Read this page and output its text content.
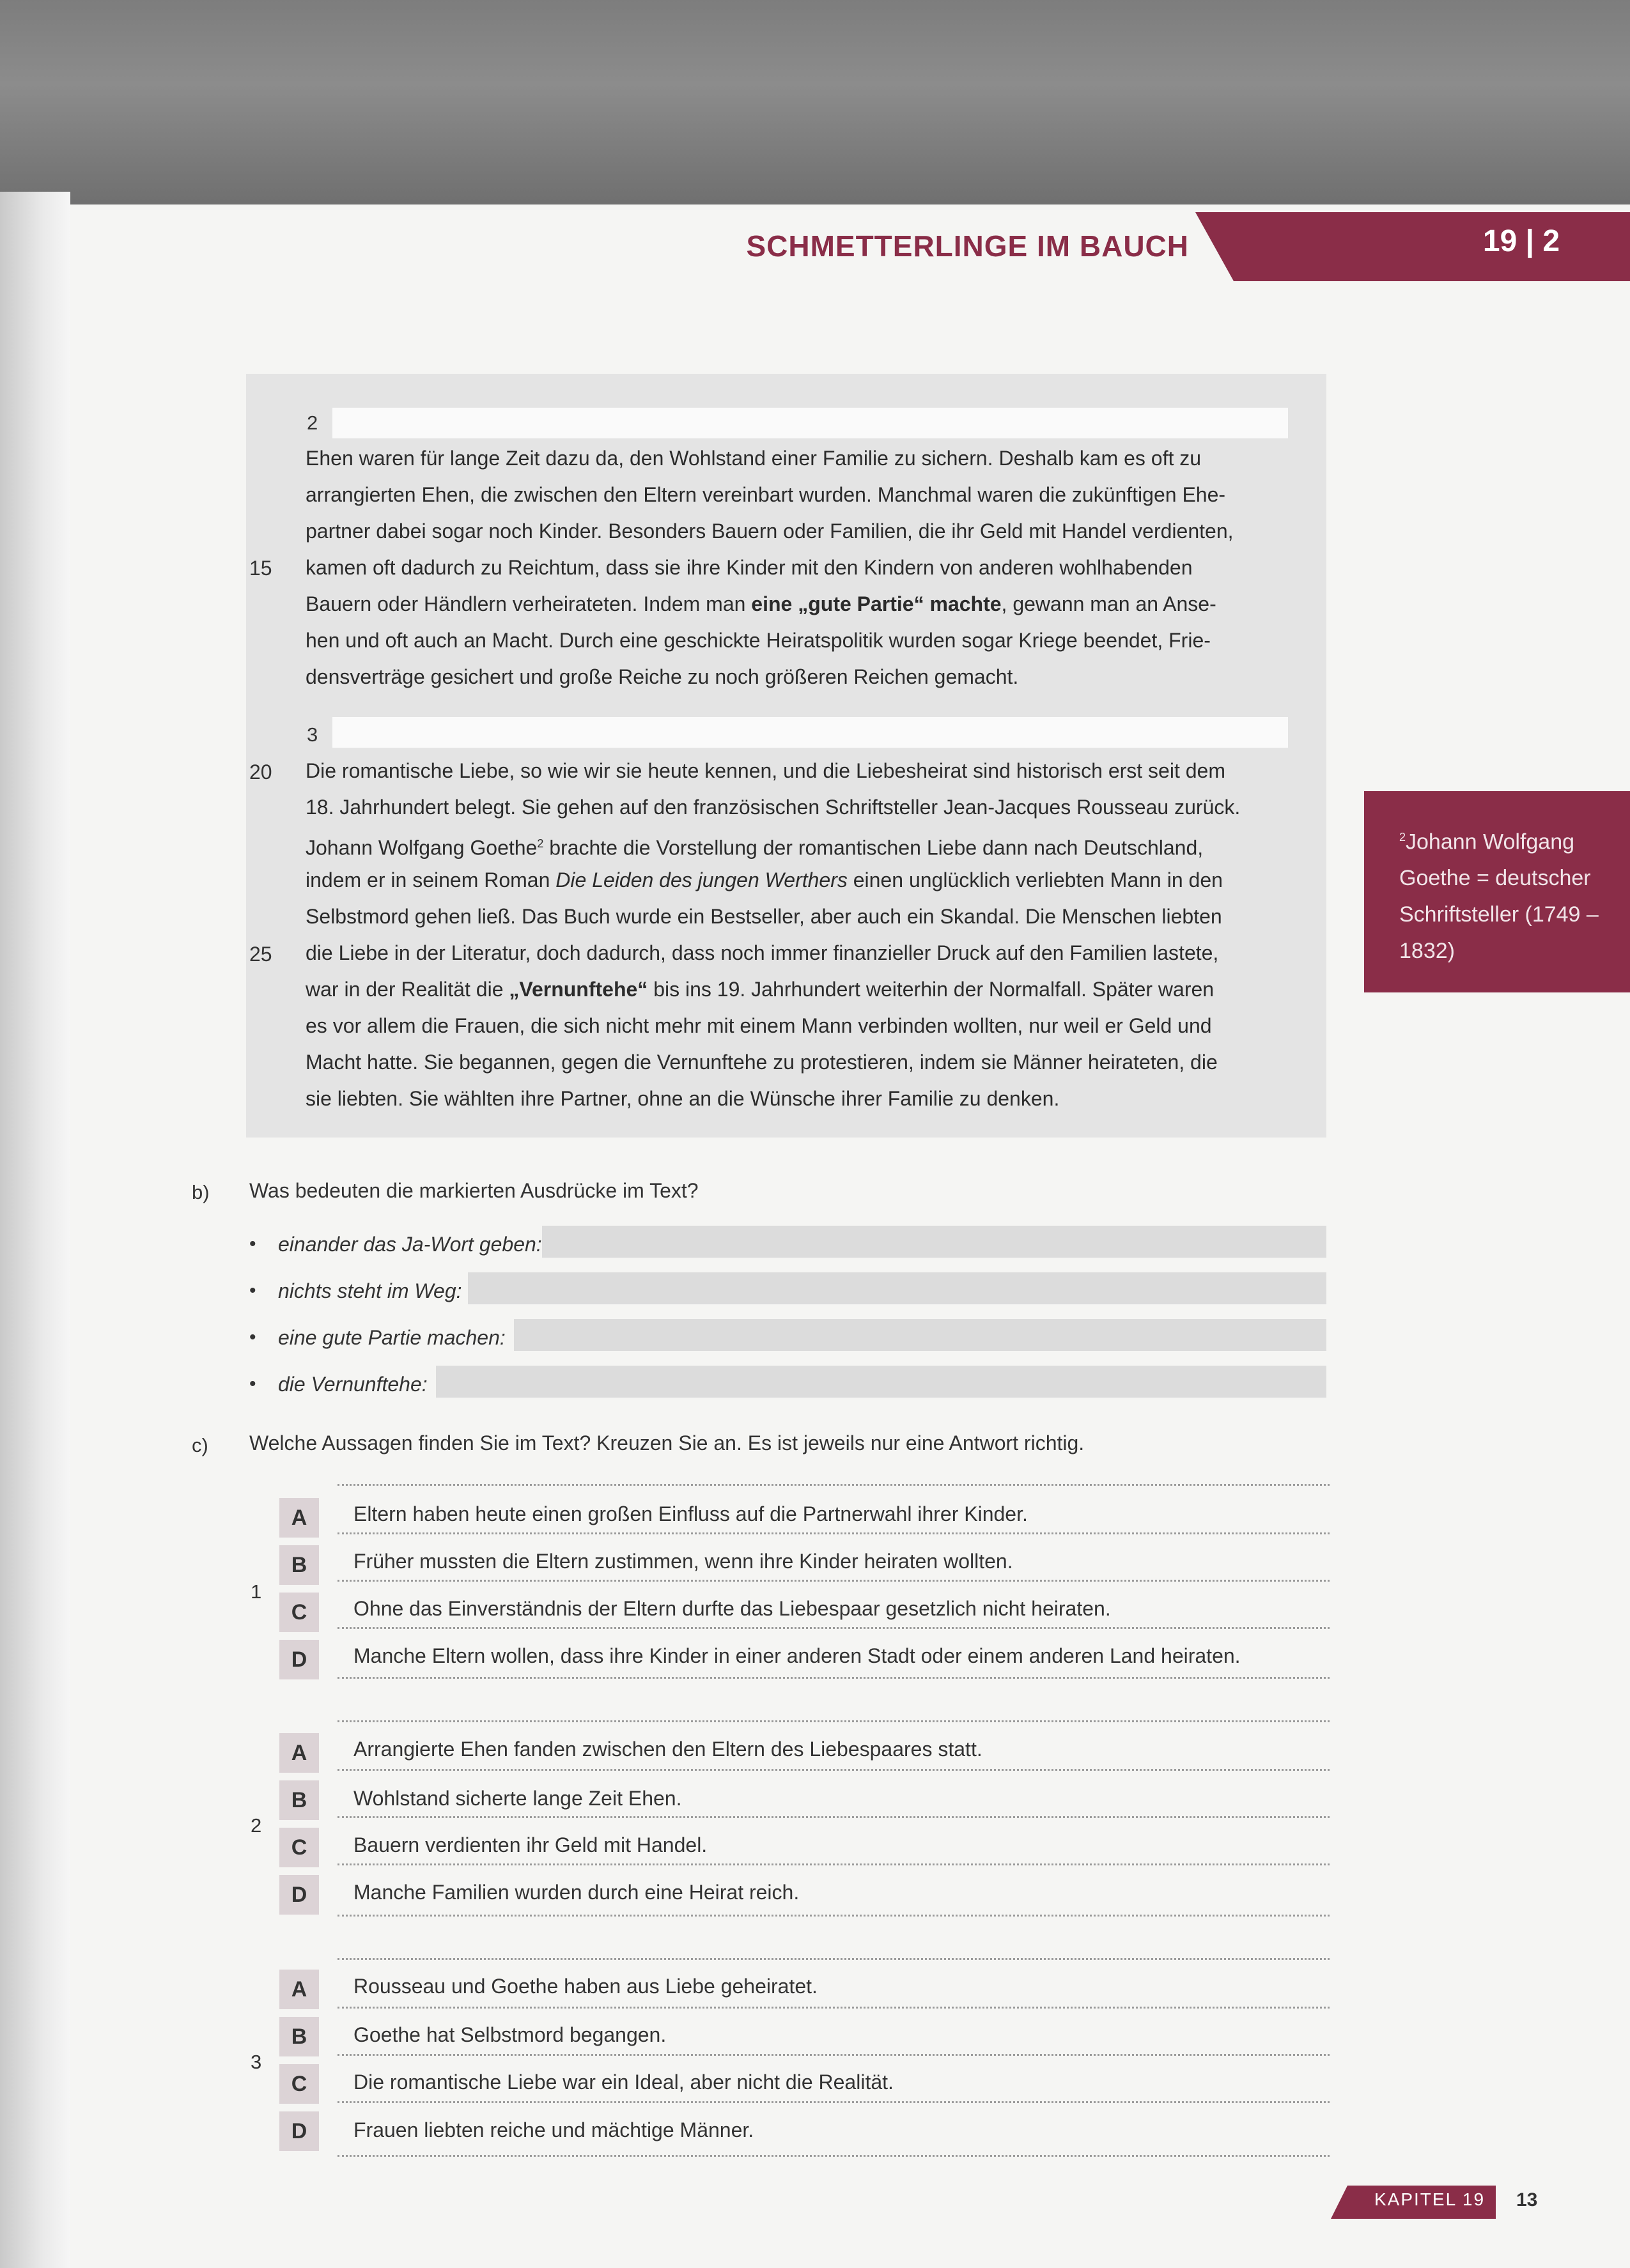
SCHMETTERLINGE IM BAUCH	19 | 2
2
Ehen waren für lange Zeit dazu da, den Wohlstand einer Familie zu sichern. Deshalb kam es oft zu
arrangierten Ehen, die zwischen den Eltern vereinbart wurden. Manchmal waren die zukünftigen Ehe-
partner dabei sogar noch Kinder. Besonders Bauern oder Familien, die ihr Geld mit Handel verdienten,
15	kamen oft dadurch zu Reichtum, dass sie ihre Kinder mit den Kindern von anderen wohlhabenden
Bauern oder Händlern verheirateten. Indem man eine „gute Partie“ machte, gewann man an Anse-
hen und oft auch an Macht. Durch eine geschickte Heiratspolitik wurden sogar Kriege beendet, Frie-
densverträge gesichert und große Reiche zu noch größeren Reichen gemacht.
3
20	Die romantische Liebe, so wie wir sie heute kennen, und die Liebesheirat sind historisch erst seit dem
18. Jahrhundert belegt. Sie gehen auf den französischen Schriftsteller Jean-Jacques Rousseau zurück.
Johann Wolfgang Goethe$^2$ brachte die Vorstellung der romantischen Liebe dann nach Deutschland,
indem er in seinem Roman Die Leiden des jungen Werthers einen unglücklich verliebten Mann in den
Selbstmord gehen ließ. Das Buch wurde ein Bestseller, aber auch ein Skandal. Die Menschen liebten
25	die Liebe in der Literatur, doch dadurch, dass noch immer finanzieller Druck auf den Familien lastete,
war in der Realität die „Vernunftehe“ bis ins 19. Jahrhundert weiterhin der Normalfall. Später waren
es vor allem die Frauen, die sich nicht mehr mit einem Mann verbinden wollten, nur weil er Geld und
Macht hatte. Sie begannen, gegen die Vernunftehe zu protestieren, indem sie Männer heirateten, die
sie liebten. Sie wählten ihre Partner, ohne an die Wünsche ihrer Familie zu denken.
$^2$Johann Wolfgang
Goethe = deutscher
Schriftsteller (1749 –
1832)
b) Was bedeuten die markierten Ausdrücke im Text?
• einander das Ja-Wort geben:
• nichts steht im Weg:
• eine gute Partie machen:
• die Vernunftehe:
c) Welche Aussagen finden Sie im Text? Kreuzen Sie an. Es ist jeweils nur eine Antwort richtig.
1
A	Eltern haben heute einen großen Einfluss auf die Partnerwahl ihrer Kinder.
B	Früher mussten die Eltern zustimmen, wenn ihre Kinder heiraten wollten.
C	Ohne das Einverständnis der Eltern durfte das Liebespaar gesetzlich nicht heiraten.
D	Manche Eltern wollen, dass ihre Kinder in einer anderen Stadt oder einem anderen Land heiraten.
2
A	Arrangierte Ehen fanden zwischen den Eltern des Liebespaares statt.
B	Wohlstand sicherte lange Zeit Ehen.
C	Bauern verdienten ihr Geld mit Handel.
D	Manche Familien wurden durch eine Heirat reich.
3
A	Rousseau und Goethe haben aus Liebe geheiratet.
B	Goethe hat Selbstmord begangen.
C	Die romantische Liebe war ein Ideal, aber nicht die Realität.
D	Frauen liebten reiche und mächtige Männer.
KAPITEL 19	13
